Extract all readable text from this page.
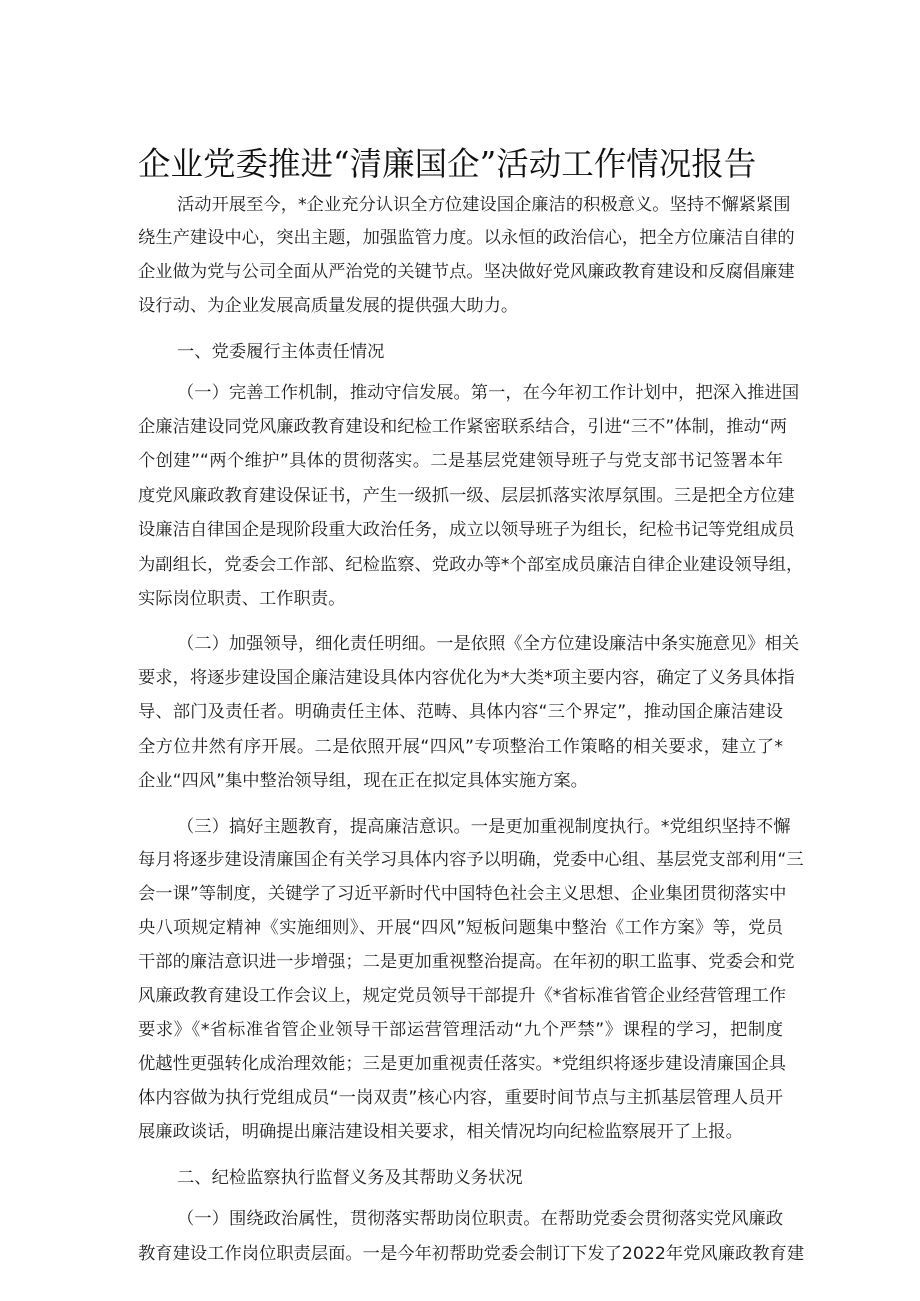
企业党委推进“清廉国企”活动工作情况报告
活动开展至今，*企业充分认识全方位建设国企廉洁的积极意义。坚持不懈紧紧围
绕生产建设中心，突出主题，加强监管力度。以永恒的政治信心，把全方位廉洁自律的
企业做为党与公司全面从严治党的关键节点。坚决做好党风廉政教育建设和反腐倡廉建
设行动、为企业发展高质量发展的提供强大助力。
一、党委履行主体责任情况
（一）完善工作机制，推动守信发展。第一，在今年初工作计划中，把深入推进国
企廉洁建设同党风廉政教育建设和纪检工作紧密联系结合，引进“三不”体制，推动“两
个创建”“两个维护”具体的贯彻落实。二是基层党建领导班子与党支部书记签署本年
度党风廉政教育建设保证书，产生一级抓一级、层层抓落实浓厚氛围。三是把全方位建
设廉洁自律国企是现阶段重大政治任务，成立以领导班子为组长，纪检书记等党组成员
为副组长，党委会工作部、纪检监察、党政办等*个部室成员廉洁自律企业建设领导组，
实际岗位职责、工作职责。
（二）加强领导，细化责任明细。一是依照《全方位建设廉洁中条实施意见》相关
要求，将逐步建设国企廉洁建设具体内容优化为*大类*项主要内容，确定了义务具体指
导、部门及责任者。明确责任主体、范畴、具体内容“三个界定”，推动国企廉洁建设
全方位井然有序开展。二是依照开展“四风”专项整治工作策略的相关要求，建立了*
企业“四风”集中整治领导组，现在正在拟定具体实施方案。
（三）搞好主题教育，提高廉洁意识。一是更加重视制度执行。*党组织坚持不懈
每月将逐步建设清廉国企有关学习具体内容予以明确，党委中心组、基层党支部利用“三
会一课”等制度，关键学了习近平新时代中国特色社会主义思想、企业集团贯彻落实中
央八项规定精神《实施细则》、开展“四风”短板问题集中整治《工作方案》等，党员
干部的廉洁意识进一步增强；二是更加重视整治提高。在年初的职工监事、党委会和党
风廉政教育建设工作会议上，规定党员领导干部提升《*省标准省管企业经营管理工作
要求》《*省标准省管企业领导干部运营管理活动“九个严禁”》课程的学习，把制度
优越性更强转化成治理效能；三是更加重视责任落实。*党组织将逐步建设清廉国企具
体内容做为执行党组成员“一岗双责”核心内容，重要时间节点与主抓基层管理人员开
展廉政谈话，明确提出廉洁建设相关要求，相关情况均向纪检监察展开了上报。
二、纪检监察执行监督义务及其帮助义务状况
（一）围绕政治属性，贯彻落实帮助岗位职责。在帮助党委会贯彻落实党风廉政
教育建设工作岗位职责层面。一是今年初帮助党委会制订下发了2022年党风廉政教育建
